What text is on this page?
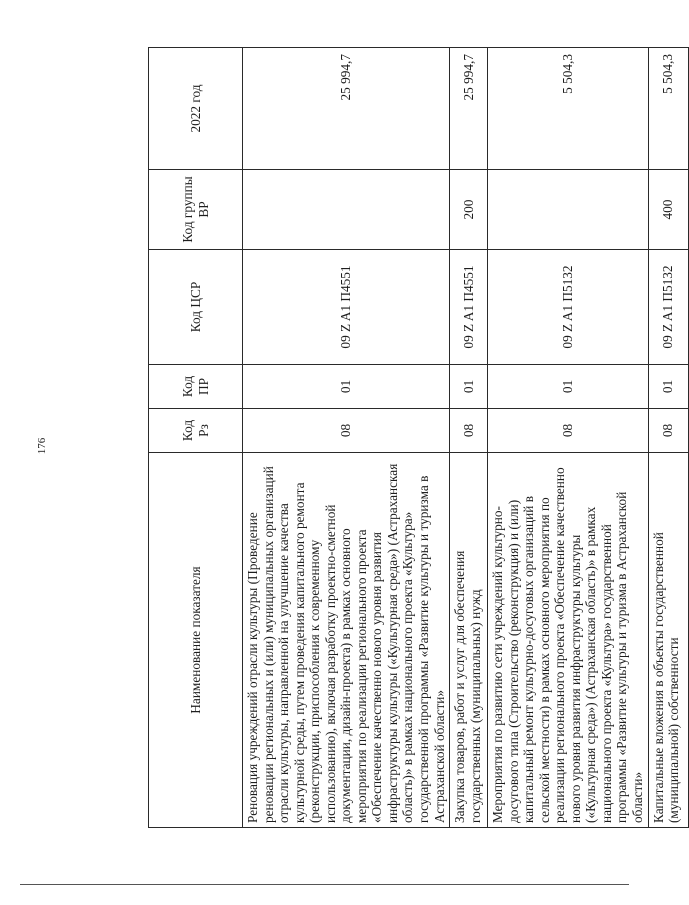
176
Наименование показателя	Код Рз	Код ПР	Код ЦСР	Код группы ВР	2022 год
Реновация учреждений отрасли культуры (Проведение реновации региональных и (или) муниципальных организаций отрасли культуры, направленной на улучшение качества культурной среды, путем проведения капитального ремонта (реконструкции, приспособления к современному использованию), включая разработку проектно-сметной документации, дизайн-проекта) в рамках основного мероприятия по реализации регионального проекта «Обеспечение качественно нового уровня развития инфраструктуры культуры («Культурная среда») (Астраханская область)» в рамках национального проекта «Культура» государственной программы «Развитие культуры и туризма в Астраханской области»	08	01	09 Z A1 П4551		25 994,7
Закупка товаров, работ и услуг для обеспечения государственных (муниципальных) нужд	08	01	09 Z A1 П4551	200	25 994,7
Мероприятия по развитию сети учреждений культурно-досугового типа (Строительство (реконструкция) и (или) капитальный ремонт культурно-досуговых организаций в сельской местности) в рамках основного мероприятия по реализации регионального проекта «Обеспечение качественно нового уровня развития инфраструктуры культуры («Культурная среда») (Астраханская область)» в рамках национального проекта «Культура» государственной программы «Развитие культуры и туризма в Астраханской области»	08	01	09 Z A1 П5132		5 504,3
Капитальные вложения в объекты государственной (муниципальной) собственности	08	01	09 Z A1 П5132	400	5 504,3
